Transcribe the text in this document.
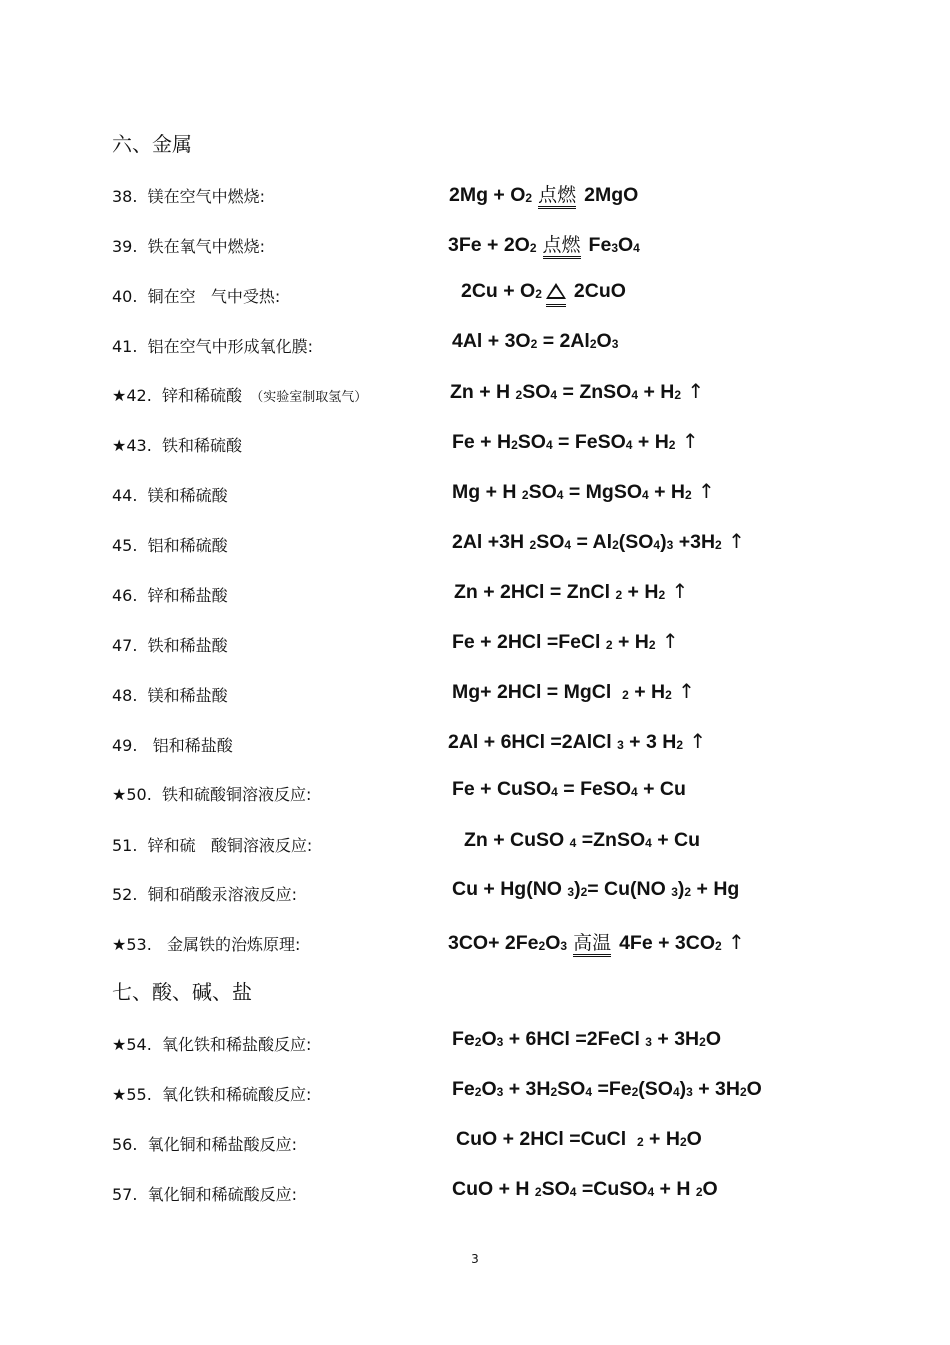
六、金属
七、酸、碱、盐
38.  镁在空气中燃烧:	$2Mg + O_2$ 点燃 2MgO
39.  铁在氧气中燃烧:	$3Fe + 2O_2$ 点燃 $Fe_3O_4$
40.  铜在空   气中受热:	$2Cu + O_2$ 2CuO
41.  铝在空气中形成氧化膜:	$4Al + 3O_2 = 2Al_2O_3$
★42.  锌和稀硫酸  （实验室制取氢气）	Zn + H $_2SO_4$ = ZnSO$_4$ + $H_2$ ↑
★43.  铁和稀硫酸	$Fe + H_2SO_4$ = FeSO$_4$ + $H_2$ ↑
44.  镁和稀硫酸	Mg + H $_2SO_4$ = MgSO$_4$ + $H_2$ ↑
45.  铝和稀硫酸	2Al +3H $_2SO_4 = Al_2(SO_4)_3 +3H_2$ ↑
46.  锌和稀盐酸	Zn + 2HCl = ZnCl $_2 + H_2$ ↑
47.  铁和稀盐酸	Fe + 2HCl =FeCl $_2 + H_2$ ↑
48.  镁和稀盐酸	Mg+ 2HCl = MgCl  $_2 + H_2$ ↑
49.   铝和稀盐酸	2Al + 6HCl =2AlCl $_3$ + 3 $H_2$ ↑
★50.  铁和硫酸铜溶液反应:	Fe + CuSO$_4$ = FeSO$_4$ + Cu
51.  锌和硫   酸铜溶液反应:	Zn + CuSO $_4$ =ZnSO$_4$ + Cu
52.  铜和硝酸汞溶液反应:	Cu + Hg(NO $_3)_2= Cu(NO$ $_3)_2 + Hg$
★53.   金属铁的治炼原理:	$3CO+ 2Fe_2O_3$ 高温 $4Fe + 3CO_2$ ↑
★54.  氧化铁和稀盐酸反应:	$Fe_2O_3 + 6HCl$ =2FeCl $_3 + 3H_2O$
★55.  氧化铁和稀硫酸反应:	$Fe_2O_3 + 3H_2SO_4 =Fe_2(SO_4)_3 + 3H_2O$
56.  氧化铜和稀盐酸反应:	CuO + 2HCl =CuCl  $_2 + H_2O$
57.  氧化铜和稀硫酸反应:	CuO + H $_2SO_4$ =CuSO$_4$ + H $_2$O
3
